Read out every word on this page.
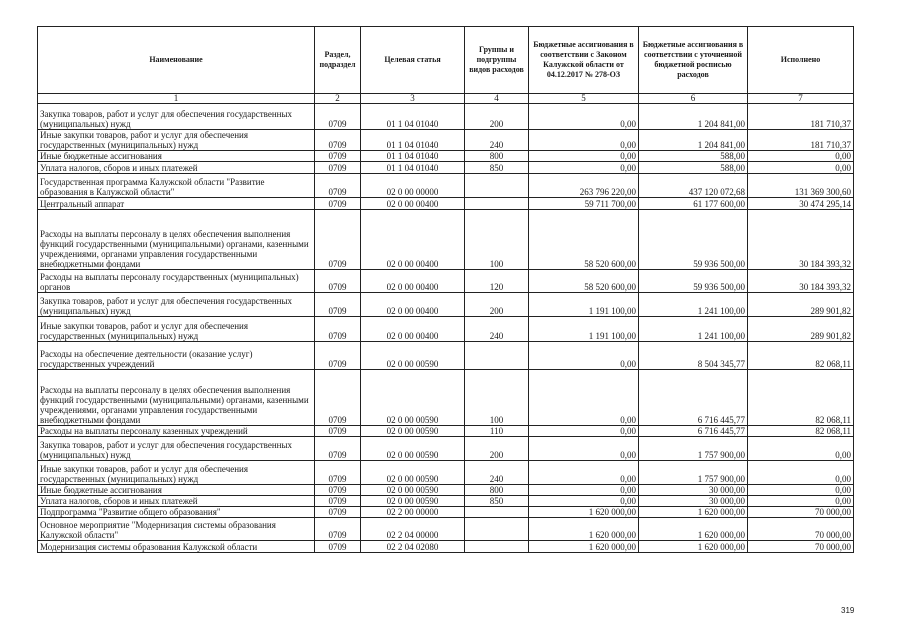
Наименование	Раздел, подраздел	Целевая статья	Группы и подгруппы видов расходов	Бюджетные ассигнования в соответствии с Законом Калужской области от 04.12.2017 № 278-ОЗ	Бюджетные ассигнования в соответствии с уточненной бюджетной росписью расходов	Исполнено
1	2	3	4	5	6	7
Закупка товаров, работ и услуг для обеспечения государственных (муниципальных) нужд	0709	01 1 04 01040	200	0,00	1 204 841,00	181 710,37
Иные закупки товаров, работ и услуг для обеспечения государственных (муниципальных) нужд	0709	01 1 04 01040	240	0,00	1 204 841,00	181 710,37
Иные бюджетные ассигнования	0709	01 1 04 01040	800	0,00	588,00	0,00
Уплата налогов, сборов и иных платежей	0709	01 1 04 01040	850	0,00	588,00	0,00
Государственная программа Калужской области "Развитие образования в Калужской области"	0709	02 0 00 00000		263 796 220,00	437 120 072,68	131 369 300,60
Центральный аппарат	0709	02 0 00 00400		59 711 700,00	61 177 600,00	30 474 295,14
Расходы на выплаты персоналу в целях обеспечения выполнения функций государственными (муниципальными) органами, казенными учреждениями, органами управления государственными внебюджетными фондами	0709	02 0 00 00400	100	58 520 600,00	59 936 500,00	30 184 393,32
Расходы на выплаты персоналу государственных (муниципальных) органов	0709	02 0 00 00400	120	58 520 600,00	59 936 500,00	30 184 393,32
Закупка товаров, работ и услуг для обеспечения государственных (муниципальных) нужд	0709	02 0 00 00400	200	1 191 100,00	1 241 100,00	289 901,82
Иные закупки товаров, работ и услуг для обеспечения государственных (муниципальных) нужд	0709	02 0 00 00400	240	1 191 100,00	1 241 100,00	289 901,82
Расходы на обеспечение деятельности (оказание услуг) государственных учреждений	0709	02 0 00 00590		0,00	8 504 345,77	82 068,11
Расходы на выплаты персоналу в целях обеспечения выполнения функций государственными (муниципальными) органами, казенными учреждениями, органами управления государственными внебюджетными фондами	0709	02 0 00 00590	100	0,00	6 716 445,77	82 068,11
Расходы на выплаты персоналу казенных учреждений	0709	02 0 00 00590	110	0,00	6 716 445,77	82 068,11
Закупка товаров, работ и услуг для обеспечения государственных (муниципальных) нужд	0709	02 0 00 00590	200	0,00	1 757 900,00	0,00
Иные закупки товаров, работ и услуг для обеспечения государственных (муниципальных) нужд	0709	02 0 00 00590	240	0,00	1 757 900,00	0,00
Иные бюджетные ассигнования	0709	02 0 00 00590	800	0,00	30 000,00	0,00
Уплата налогов, сборов и иных платежей	0709	02 0 00 00590	850	0,00	30 000,00	0,00
Подпрограмма "Развитие общего образования"	0709	02 2 00 00000		1 620 000,00	1 620 000,00	70 000,00
Основное мероприятие "Модернизация системы образования Калужской области"	0709	02 2 04 00000		1 620 000,00	1 620 000,00	70 000,00
Модернизация системы образования Калужской области	0709	02 2 04 02080		1 620 000,00	1 620 000,00	70 000,00
319
